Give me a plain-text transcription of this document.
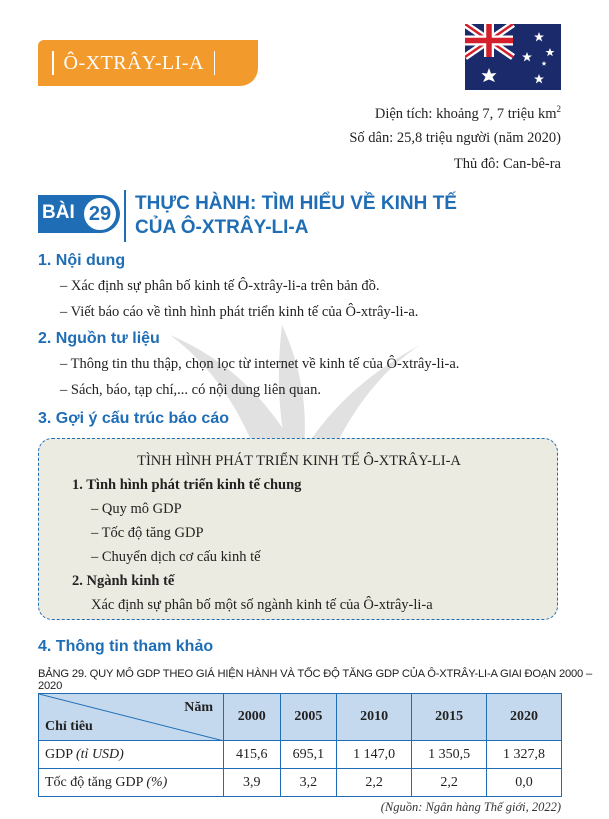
Ô-XTRÂY-LI-A
Diện tích: khoảng 7, 7 triệu $km^2$
Số dân: 25,8 triệu người (năm 2020)
Thủ đô: Can-bê-ra
BÀI 29	THỰC HÀNH: TÌM HIỂU VỀ KINH TẾ
CỦA Ô-XTRÂY-LI-A
1. Nội dung
– Xác định sự phân bố kinh tế Ô-xtrây-li-a trên bản đồ.
– Viết báo cáo về tình hình phát triển kinh tế của Ô-xtrây-li-a.
2. Nguồn tư liệu
– Thông tin thu thập, chọn lọc từ internet về kinh tế của Ô-xtrây-li-a.
– Sách, báo, tạp chí,... có nội dung liên quan.
3. Gợi ý cấu trúc báo cáo
TÌNH HÌNH PHÁT TRIỂN KINH TẾ Ô-XTRÂY-LI-A
1. Tình hình phát triển kinh tế chung
– Quy mô GDP
– Tốc độ tăng GDP
– Chuyển dịch cơ cấu kinh tế
2. Ngành kinh tế
Xác định sự phân bố một số ngành kinh tế của Ô-xtrây-li-a
4. Thông tin tham khảo
BẢNG 29. QUY MÔ GDP THEO GIÁ HIỆN HÀNH VÀ TỐC ĐỘ TĂNG GDP CỦA Ô-XTRÂY-LI-A GIAI ĐOẠN 2000 – 2020
Năm
Chỉ tiêu	2000	2005	2010	2015	2020
GDP (tỉ USD)	415,6	695,1	1 147,0	1 350,5	1 327,8
Tốc độ tăng GDP (%)	3,9	3,2	2,2	2,2	0,0
(Nguồn: Ngân hàng Thế giới, 2022)
